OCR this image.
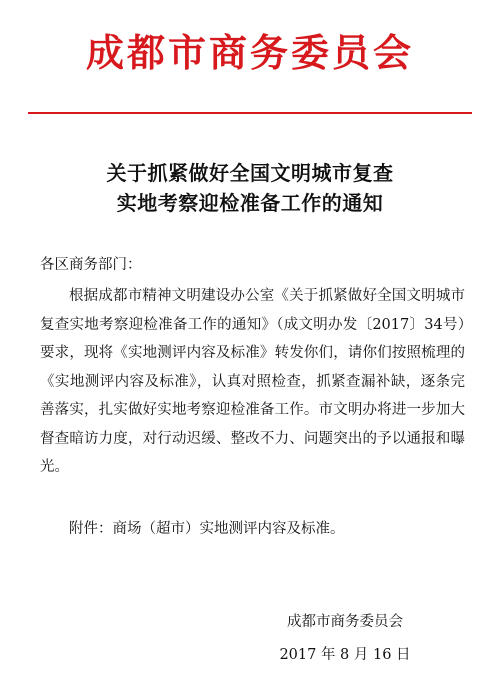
成都市商务委员会
关于抓紧做好全国文明城市复查
实地考察迎检准备工作的通知
各区商务部门：
根据成都市精神文明建设办公室《关于抓紧做好全国文明城市复查实地考察迎检准备工作的通知》（成文明办发〔2017〕34号）要求，现将《实地测评内容及标准》转发你们，请你们按照梳理的《实地测评内容及标准》，认真对照检查，抓紧查漏补缺，逐条完善落实，扎实做好实地考察迎检准备工作。市文明办将进一步加大督查暗访力度，对行动迟缓、整改不力、问题突出的予以通报和曝光。
附件：商场（超市）实地测评内容及标准。
成都市商务委员会
2017 年 8 月 16 日
